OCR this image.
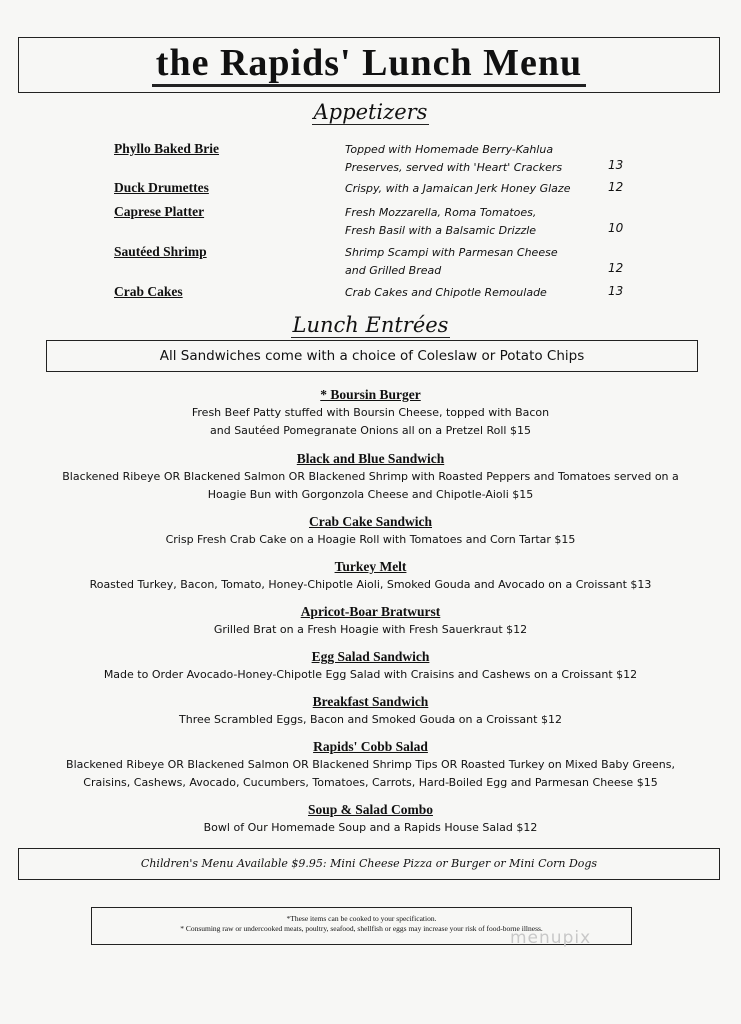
the Rapids' Lunch Menu
Appetizers
Phyllo Baked Brie	Topped with Homemade Berry-Kahlua
Preserves, served with 'Heart' Crackers	13
Duck Drumettes	Crispy, with a Jamaican Jerk Honey Glaze	12
Caprese Platter	Fresh Mozzarella, Roma Tomatoes,
Fresh Basil with a Balsamic Drizzle	10
Sautéed Shrimp	Shrimp Scampi with Parmesan Cheese
and Grilled Bread	12
Crab Cakes	Crab Cakes and Chipotle Remoulade	13
Lunch Entrées
All Sandwiches come with a choice of Coleslaw or Potato Chips
* Boursin Burger
Fresh Beef Patty stuffed with Boursin Cheese, topped with Bacon
and Sautéed Pomegranate Onions all on a Pretzel Roll $15
Black and Blue Sandwich
Blackened Ribeye OR Blackened Salmon OR Blackened Shrimp with Roasted Peppers and Tomatoes served on a
Hoagie Bun with Gorgonzola Cheese and Chipotle-Aioli $15
Crab Cake Sandwich
Crisp Fresh Crab Cake on a Hoagie Roll with Tomatoes and Corn Tartar $15
Turkey Melt
Roasted Turkey, Bacon, Tomato, Honey-Chipotle Aioli, Smoked Gouda and Avocado on a Croissant $13
Apricot-Boar Bratwurst
Grilled Brat on a Fresh Hoagie with Fresh Sauerkraut $12
Egg Salad Sandwich
Made to Order Avocado-Honey-Chipotle Egg Salad with Craisins and Cashews on a Croissant $12
Breakfast Sandwich
Three Scrambled Eggs, Bacon and Smoked Gouda on a Croissant $12
Rapids' Cobb Salad
Blackened Ribeye OR Blackened Salmon OR Blackened Shrimp Tips OR Roasted Turkey on Mixed Baby Greens,
Craisins, Cashews, Avocado, Cucumbers, Tomatoes, Carrots, Hard-Boiled Egg and Parmesan Cheese $15
Soup & Salad Combo
Bowl of Our Homemade Soup and a Rapids House Salad $12
Children's Menu Available $9.95: Mini Cheese Pizza or Burger or Mini Corn Dogs
*These items can be cooked to your specification.
* Consuming raw or undercooked meats, poultry, seafood, shellfish or eggs may increase your risk of food-borne illness.
menupix
